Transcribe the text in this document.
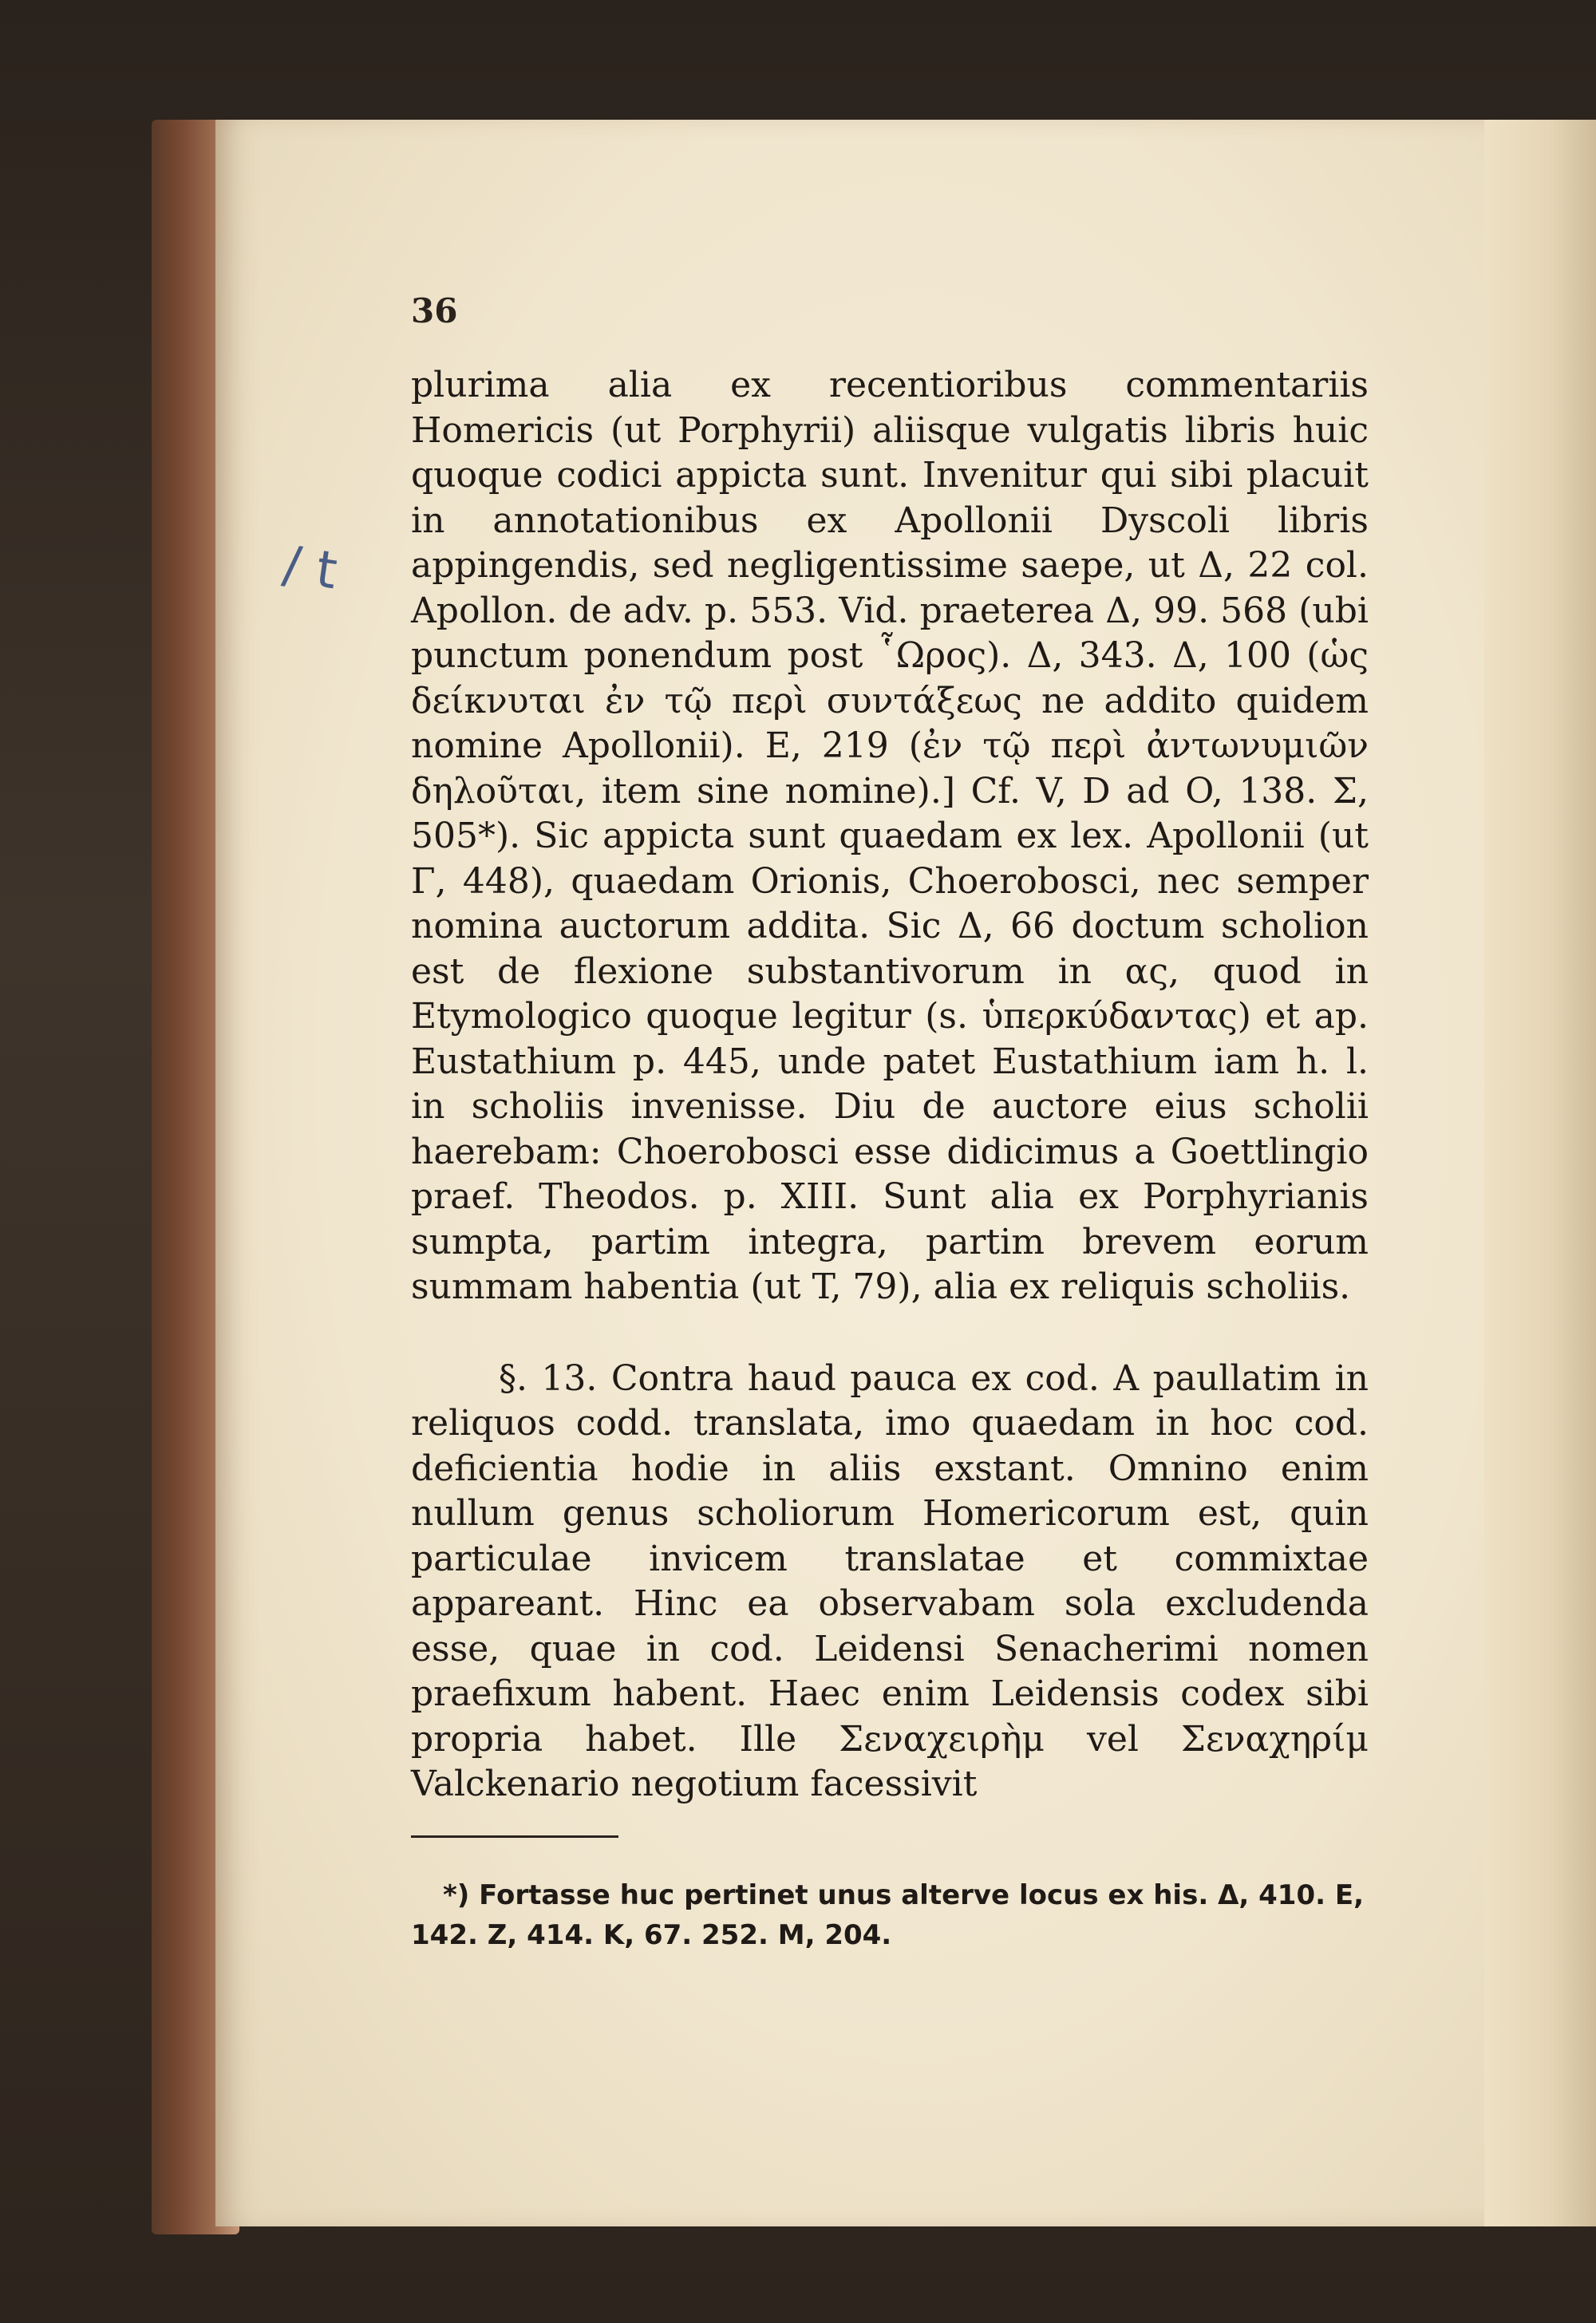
/ t
36

plurima alia ex recentioribus commentariis Homericis (ut Porphyrii) aliisque vulgatis libris huic quoque codici appicta sunt. Invenitur qui sibi placuit in annotationibus ex Apollonii Dyscoli libris appingendis, sed negligentissime saepe, ut Δ, 22 col. Apollon. de adv. p. 553. Vid. praeterea Δ, 99. 568 (ubi punctum ponendum post ῟Ωρος). Δ, 343. Δ, 100 (ὡς δείκνυται ἐν τῷ περὶ συντάξεως ne addito quidem nomine Apollonii). E, 219 (ἐν τῷ περὶ ἀντωνυμιῶν δηλοῦται, item sine nomine).] Cf. V, D ad O, 138. Σ, 505*). Sic appicta sunt quaedam ex lex. Apollonii (ut Γ, 448), quaedam Orionis, Choerobosci, nec semper nomina auctorum addita. Sic Δ, 66 doctum scholion est de flexione substantivorum in ας, quod in Etymologico quoque legitur (s. ὑπερκύδαντας) et ap. Eustathium p. 445, unde patet Eustathium iam h. l. in scholiis invenisse. Diu de auctore eius scholii haerebam: Choerobosci esse didicimus a Goettlingio praef. Theodos. p. XIII. Sunt alia ex Porphyrianis sumpta, partim integra, partim brevem eorum summam habentia (ut T, 79), alia ex reliquis scholiis.

§. 13. Contra haud pauca ex cod. A paullatim in reliquos codd. translata, imo quaedam in hoc cod. deficientia hodie in aliis exstant. Omnino enim nullum genus scholiorum Homericorum est, quin particulae invicem translatae et commixtae appareant. Hinc ea observabam sola excludenda esse, quae in cod. Leidensi Senacherimi nomen praefixum habent. Haec enim Leidensis codex sibi propria habet. Ille Σεναχειρὴμ vel Σεναχηρίμ Valckenario negotium facessivit

*) Fortasse huc pertinet unus alterve locus ex his. Δ, 410. E, 142. Z, 414. K, 67. 252. M, 204.
